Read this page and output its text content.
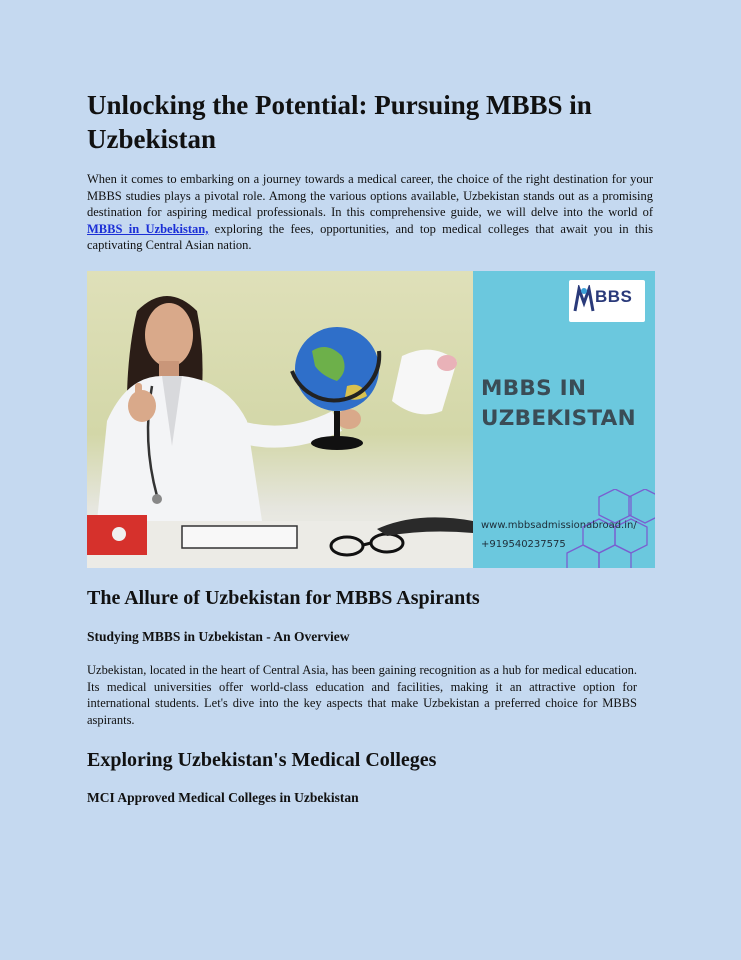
Unlocking the Potential: Pursuing MBBS in Uzbekistan

When it comes to embarking on a journey towards a medical career, the choice of the right destination for your MBBS studies plays a pivotal role. Among the various options available, Uzbekistan stands out as a promising destination for aspiring medical professionals. In this comprehensive guide, we will delve into the world of MBBS in Uzbekistan, exploring the fees, opportunities, and top medical colleges that await you in this captivating Central Asian nation.

BBS
MBBS IN
UZBEKISTAN
www.mbbsadmissionabroad.in/
+919540237575
The Allure of Uzbekistan for MBBS Aspirants
Studying MBBS in Uzbekistan - An Overview

Uzbekistan, located in the heart of Central Asia, has been gaining recognition as a hub for medical education. Its medical universities offer world-class education and facilities, making it an attractive option for international students. Let's dive into the key aspects that make Uzbekistan a preferred choice for MBBS aspirants.

Exploring Uzbekistan's Medical Colleges
MCI Approved Medical Colleges in Uzbekistan
